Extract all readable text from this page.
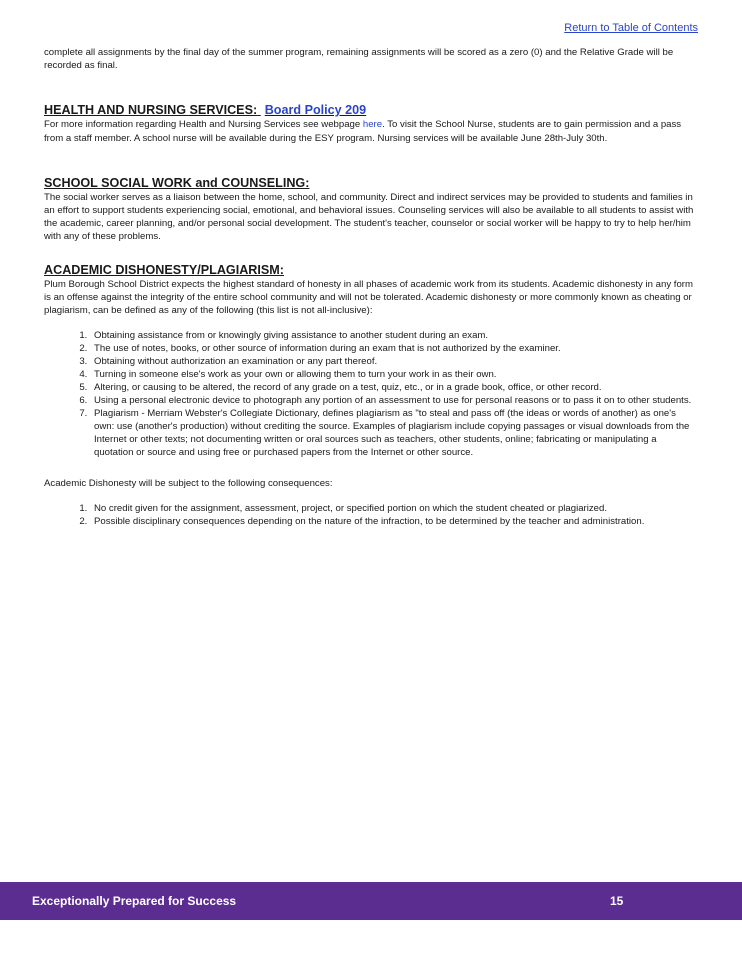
Return to Table of Contents

complete all assignments by the final day of the summer program, remaining assignments will be scored as a zero (0) and the Relative Grade will be recorded as final.

HEALTH AND NURSING SERVICES: Board Policy 209

For more information regarding Health and Nursing Services see webpage here. To visit the School Nurse, students are to gain permission and a pass from a staff member. A school nurse will be available during the ESY program. Nursing services will be available June 28th-July 30th.

SCHOOL SOCIAL WORK and COUNSELING:

The social worker serves as a liaison between the home, school, and community. Direct and indirect services may be provided to students and families in an effort to support students experiencing social, emotional, and behavioral issues. Counseling services will also be available to all students to assist with the academic, career planning, and/or personal social development. The student's teacher, counselor or social worker will be happy to try to help her/him with any of these problems.

ACADEMIC DISHONESTY/PLAGIARISM:

Plum Borough School District expects the highest standard of honesty in all phases of academic work from its students. Academic dishonesty in any form is an offense against the integrity of the entire school community and will not be tolerated. Academic dishonesty or more commonly known as cheating or plagiarism, can be defined as any of the following (this list is not all-inclusive):

1. Obtaining assistance from or knowingly giving assistance to another student during an exam.
2. The use of notes, books, or other source of information during an exam that is not authorized by the examiner.
3. Obtaining without authorization an examination or any part thereof.
4. Turning in someone else's work as your own or allowing them to turn your work in as their own.
5. Altering, or causing to be altered, the record of any grade on a test, quiz, etc., or in a grade book, office, or other record.
6. Using a personal electronic device to photograph any portion of an assessment to use for personal reasons or to pass it on to other students.
7. Plagiarism - Merriam Webster's Collegiate Dictionary, defines plagiarism as "to steal and pass off (the ideas or words of another) as one's own: use (another's production) without crediting the source. Examples of plagiarism include copying passages or visual downloads from the Internet or other texts; not documenting written or oral sources such as teachers, other students, online; fabricating or manipulating a quotation or source and using free or purchased papers from the Internet or other source.

Academic Dishonesty will be subject to the following consequences:

1. No credit given for the assignment, assessment, project, or specified portion on which the student cheated or plagiarized.
2. Possible disciplinary consequences depending on the nature of the infraction, to be determined by the teacher and administration.
Exceptionally Prepared for Success	15
